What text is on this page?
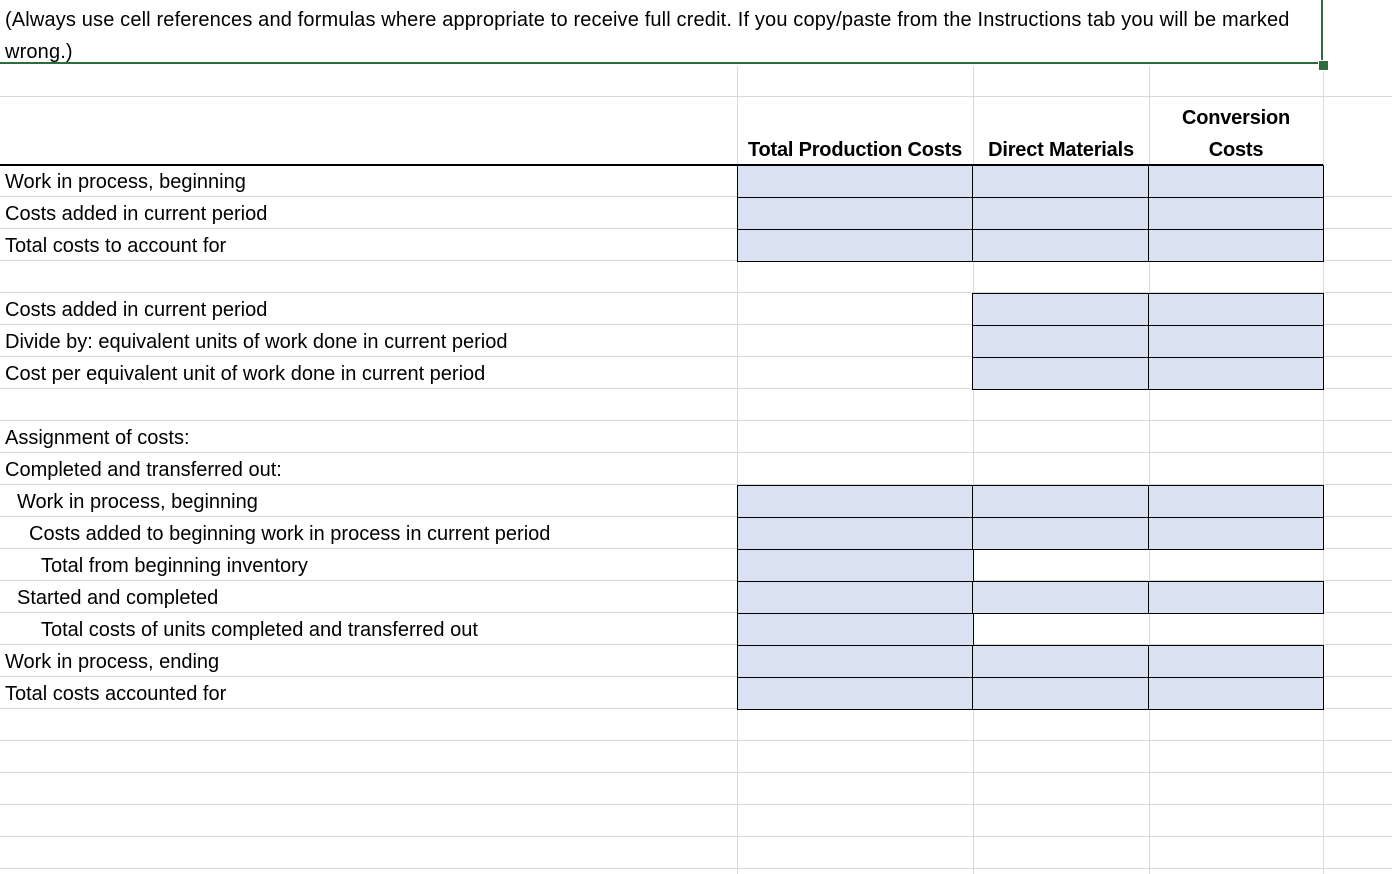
(Always use cell references and formulas where appropriate to receive full credit. If you copy/paste from the Instructions tab you will be marked wrong.)
Total Production Costs	Direct Materials
Conversion
Costs
Work in process, beginning
Costs added in current period
Total costs to account for
Costs added in current period
Divide by: equivalent units of work done in current period
Cost per equivalent unit of work done in current period
Assignment of costs:
Completed and transferred out:
Work in process, beginning
Costs added to beginning work in process in current period
Total from beginning inventory
Started and completed
Total costs of units completed and transferred out
Work in process, ending
Total costs accounted for
